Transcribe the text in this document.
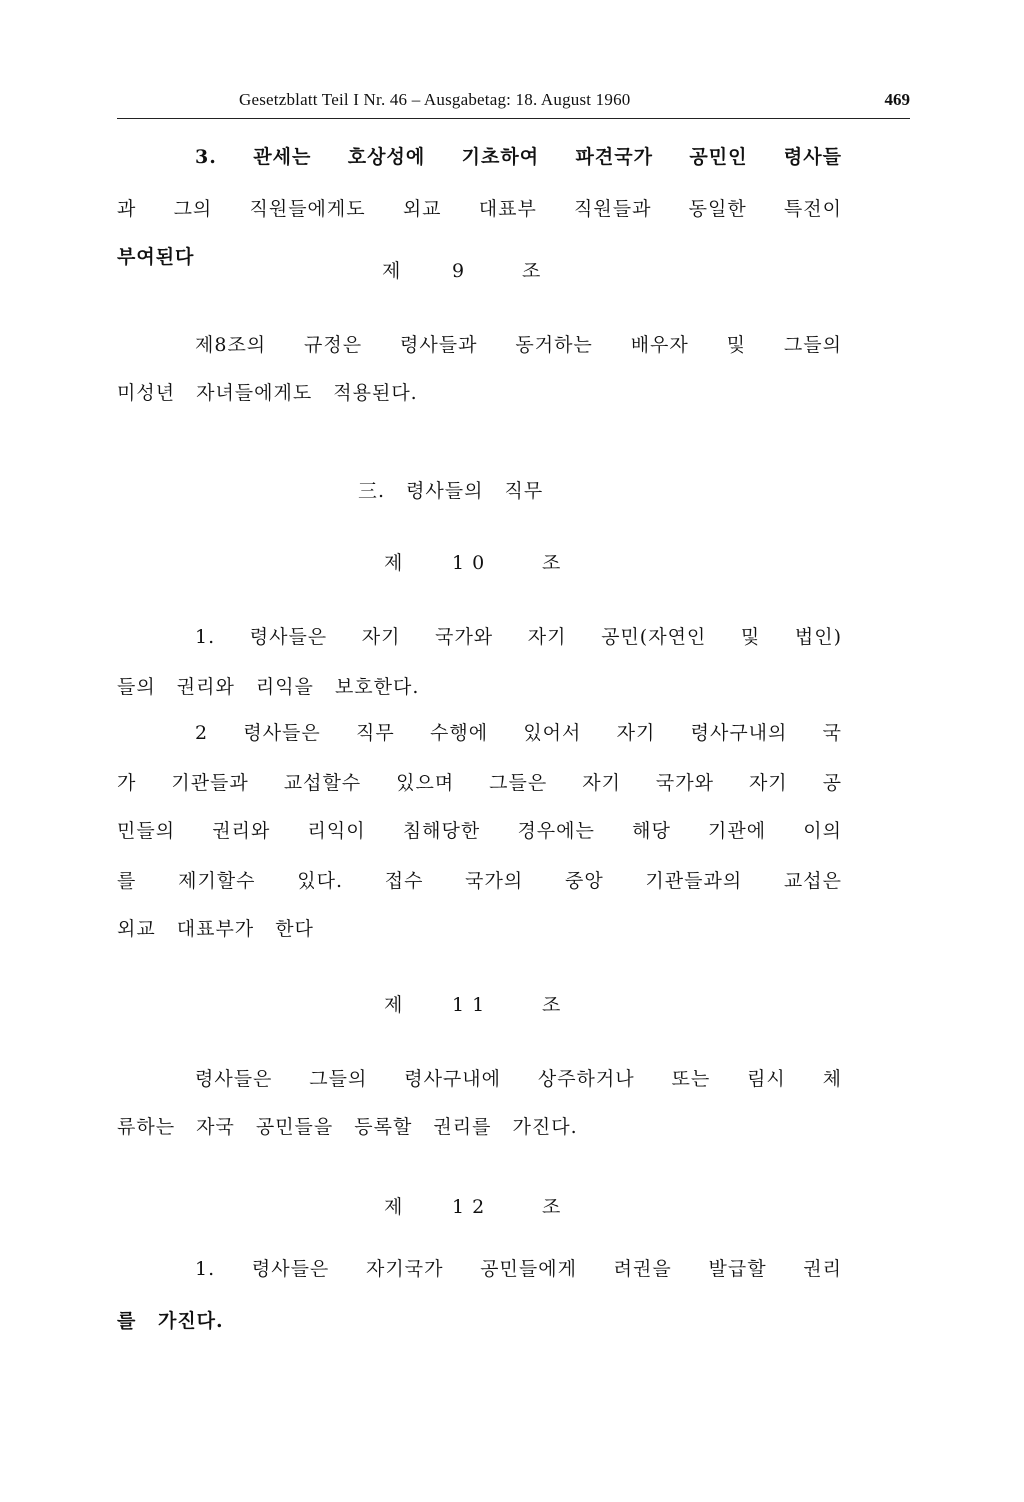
Gesetzblatt Teil I Nr. 46 – Ausgabetag: 18. August 1960	469
3. 관세는 호상성에 기초하여 파견국가 공민인 령사들
과 그의 직원들에게도 외교 대표부 직원들과 동일한 특전이
부여된다
제	9	조
제8조의 규정은 령사들과 동거하는 배우자 및 그들의
미성년 자녀들에게도 적용된다.
三. 령사들의 직무
제	10	조
1. 령사들은 자기 국가와 자기 공민(자연인 및 법인)
들의 권리와 리익을 보호한다.
2 령사들은 직무 수행에 있어서 자기 령사구내의 국
가 기관들과 교섭할수 있으며 그들은 자기 국가와 자기 공
민들의 권리와 리익이 침해당한 경우에는 해당 기관에 이의
를 제기할수 있다. 접수 국가의 중앙 기관들과의 교섭은
외교 대표부가 한다
제	11	조
령사들은 그들의 령사구내에 상주하거나 또는 림시 체
류하는 자국 공민들을 등록할 권리를 가진다.
제	12	조
1. 령사들은 자기국가 공민들에게 려권을 발급할 권리
를 가진다.
